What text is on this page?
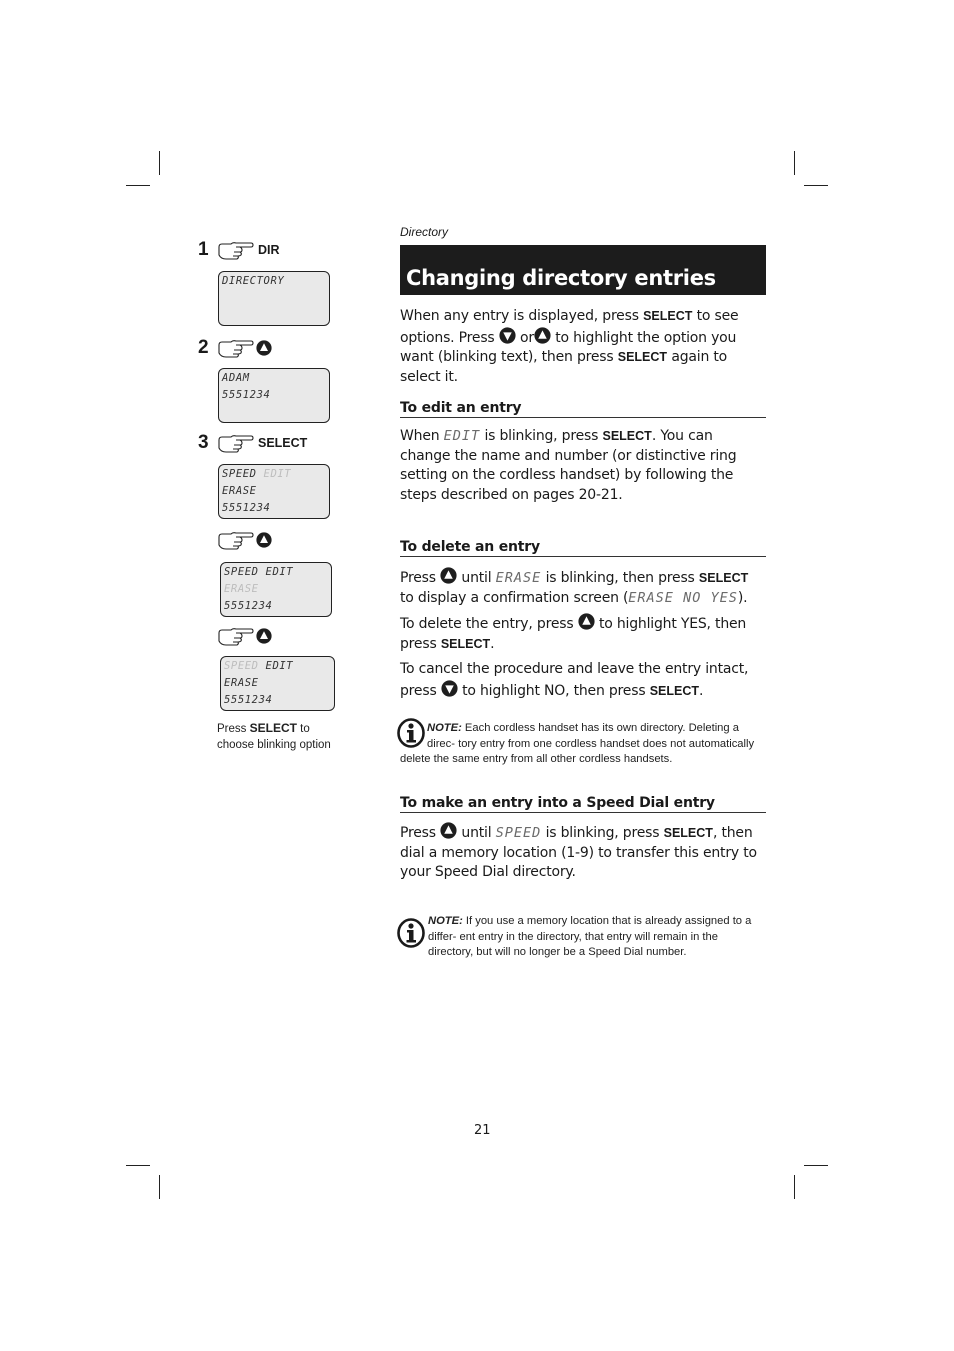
1	DIR
DIRECTORY
2
ADAM
5551234
3	SELECT
SPEED EDIT ERASE
5551234
SPEED EDIT ERASE
5551234
SPEED EDIT ERASE
5551234
Press SELECT to
choose blinking option
Directory
Changing directory entries
When any entry is displayed, press SELECT to see options. Press or to highlight the option you want (blinking text), then press SELECT again to select it.
To edit an entry
When EDIT is blinking, press SELECT. You can change the name and number (or distinctive ring setting on the cordless handset) by following the steps described on pages 20-21.
To delete an entry
Press until ERASE is blinking, then press SELECT to display a confirmation screen (ERASE NO YES).
To delete the entry, press to highlight YES, then press SELECT.
To cancel the procedure and leave the entry intact, press to highlight NO, then press SELECT.
NOTE: Each cordless handset has its own directory. Deleting a direc- tory entry from one cordless handset does not automatically delete the same entry from all other cordless handsets.
To make an entry into a Speed Dial entry
Press until SPEED is blinking, press SELECT, then dial a memory location (1-9) to transfer this entry to your Speed Dial directory.
NOTE: If you use a memory location that is already assigned to a differ- ent entry in the directory, that entry will remain in the directory, but will no longer be a Speed Dial number.
21
